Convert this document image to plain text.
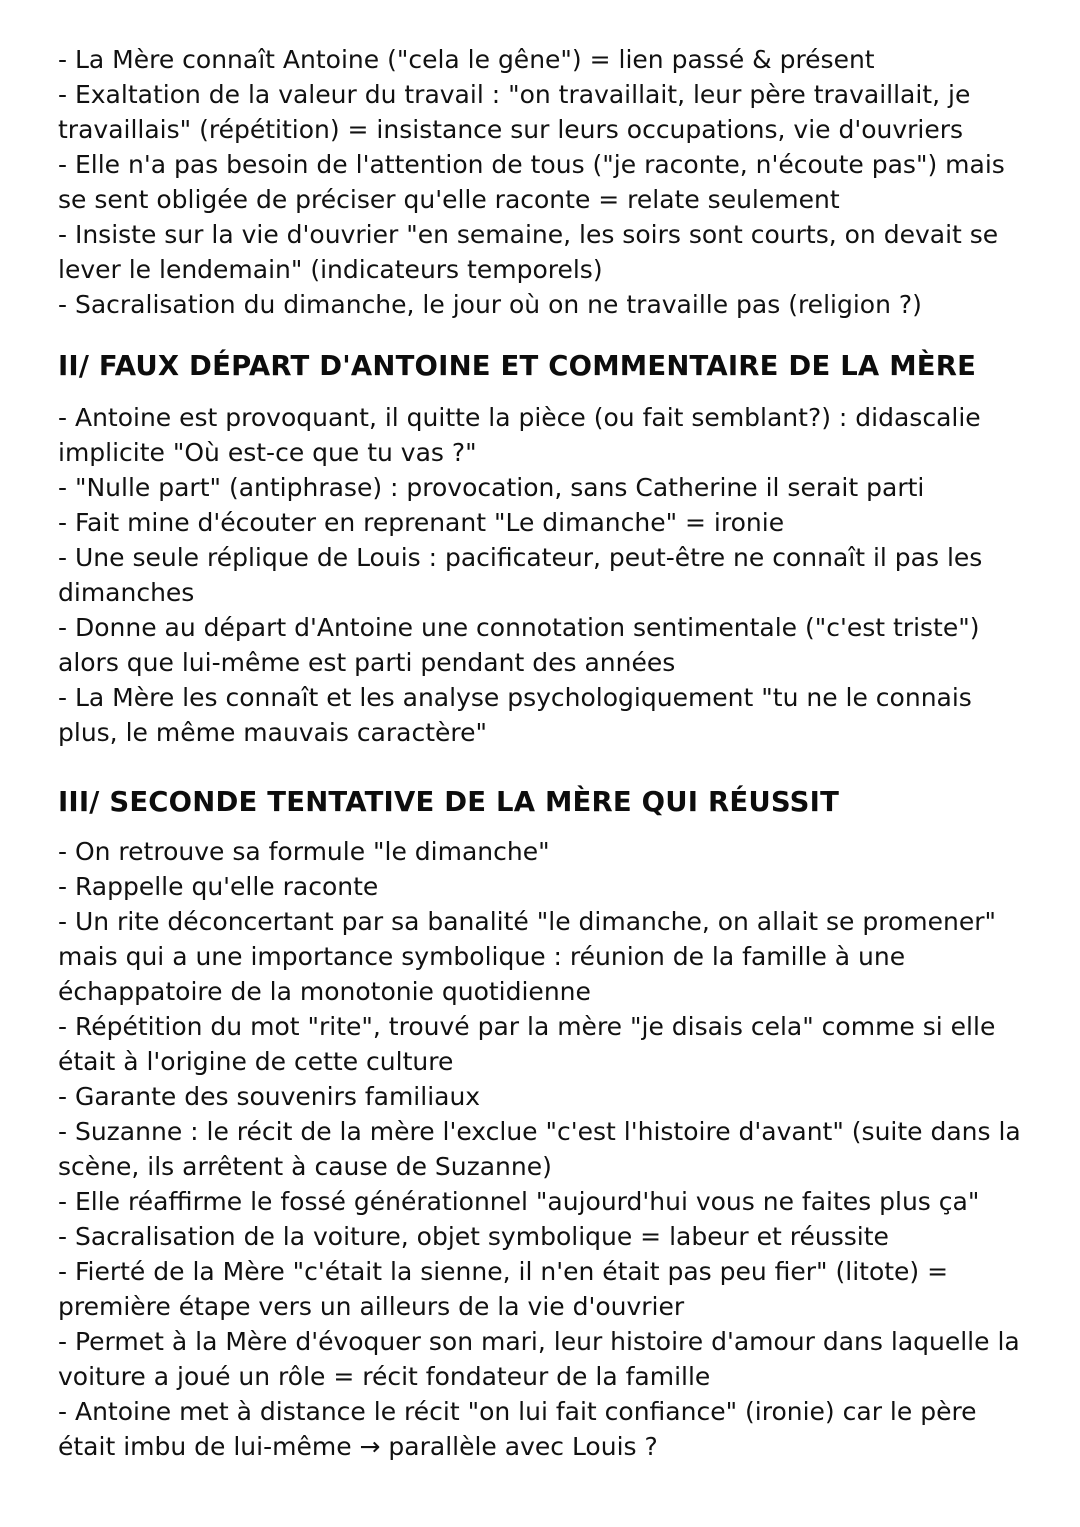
- La Mère connaît Antoine ("cela le gêne") = lien passé & présent

- Exaltation de la valeur du travail : "on travaillait, leur père travaillait, je travaillais" (répétition) = insistance sur leurs occupations, vie d'ouvriers

- Elle n'a pas besoin de l'attention de tous ("je raconte, n'écoute pas") mais se sent obligée de préciser qu'elle raconte = relate seulement

- Insiste sur la vie d'ouvrier "en semaine, les soirs sont courts, on devait se lever le lendemain" (indicateurs temporels)

- Sacralisation du dimanche, le jour où on ne travaille pas (religion ?)

II/ FAUX DÉPART D'ANTOINE ET COMMENTAIRE DE LA MÈRE

- Antoine est provoquant, il quitte la pièce (ou fait semblant?) : didascalie implicite "Où est-ce que tu vas ?"

- "Nulle part" (antiphrase) : provocation, sans Catherine il serait parti

- Fait mine d'écouter en reprenant "Le dimanche" = ironie

- Une seule réplique de Louis : pacificateur, peut-être ne connaît il pas les dimanches

- Donne au départ d'Antoine une connotation sentimentale ("c'est triste") alors que lui-même est parti pendant des années

- La Mère les connaît et les analyse psychologiquement "tu ne le connais plus, le même mauvais caractère"

III/ SECONDE TENTATIVE DE LA MÈRE QUI RÉUSSIT

- On retrouve sa formule "le dimanche"

- Rappelle qu'elle raconte

- Un rite déconcertant par sa banalité "le dimanche, on allait se promener" mais qui a une importance symbolique : réunion de la famille à une échappatoire de la monotonie quotidienne

- Répétition du mot "rite", trouvé par la mère "je disais cela" comme si elle était à l'origine de cette culture

- Garante des souvenirs familiaux

- Suzanne : le récit de la mère l'exclue "c'est l'histoire d'avant" (suite dans la scène, ils arrêtent à cause de Suzanne)

- Elle réaffirme le fossé générationnel "aujourd'hui vous ne faites plus ça"

- Sacralisation de la voiture, objet symbolique = labeur et réussite

- Fierté de la Mère "c'était la sienne, il n'en était pas peu fier" (litote) = première étape vers un ailleurs de la vie d'ouvrier

- Permet à la Mère d'évoquer son mari, leur histoire d'amour dans laquelle la voiture a joué un rôle = récit fondateur de la famille

- Antoine met à distance le récit "on lui fait confiance" (ironie) car le père était imbu de lui-même → parallèle avec Louis ?
